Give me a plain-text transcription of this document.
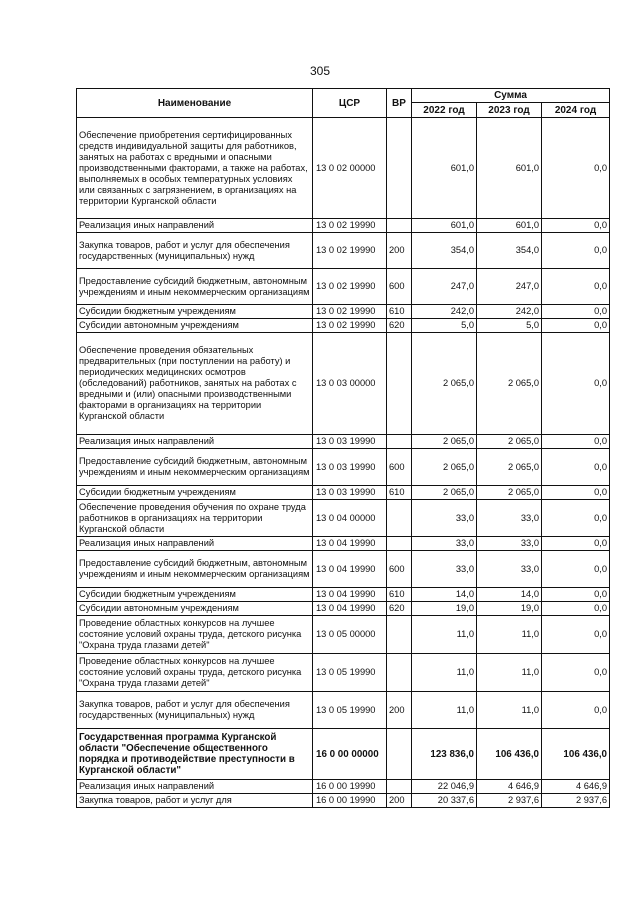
305
Наименование	ЦСР	ВР	Сумма		
			2022 год	2023 год	2024 год
Обеспечение приобретения сертифицированных средств индивидуальной защиты для работников, занятых на работах с вредными и опасными производственными факторами, а также на работах, выполняемых в особых температурных условиях или связанных с загрязнением, в организациях на территории Курганской области	13 0 02 00000		601,0	601,0	0,0
Реализация иных направлений	13 0 02 19990		601,0	601,0	0,0
Закупка товаров, работ и услуг для обеспечения государственных (муниципальных) нужд	13 0 02 19990	200	354,0	354,0	0,0
Предоставление субсидий бюджетным, автономным учреждениям и иным некоммерческим организациям	13 0 02 19990	600	247,0	247,0	0,0
Субсидии бюджетным учреждениям	13 0 02 19990	610	242,0	242,0	0,0
Субсидии автономным учреждениям	13 0 02 19990	620	5,0	5,0	0,0
Обеспечение проведения обязательных предварительных (при поступлении на работу) и периодических медицинских осмотров (обследований) работников, занятых на работах с вредными и (или) опасными производственными факторами в организациях на территории Курганской области	13 0 03 00000		2 065,0	2 065,0	0,0
Реализация иных направлений	13 0 03 19990		2 065,0	2 065,0	0,0
Предоставление субсидий бюджетным, автономным учреждениям и иным некоммерческим организациям	13 0 03 19990	600	2 065,0	2 065,0	0,0
Субсидии бюджетным учреждениям	13 0 03 19990	610	2 065,0	2 065,0	0,0
Обеспечение проведения обучения по охране труда работников в организациях на территории Курганской области	13 0 04 00000		33,0	33,0	0,0
Реализация иных направлений	13 0 04 19990		33,0	33,0	0,0
Предоставление субсидий бюджетным, автономным учреждениям и иным некоммерческим организациям	13 0 04 19990	600	33,0	33,0	0,0
Субсидии бюджетным учреждениям	13 0 04 19990	610	14,0	14,0	0,0
Субсидии автономным учреждениям	13 0 04 19990	620	19,0	19,0	0,0
Проведение областных конкурсов на лучшее состояние условий охраны труда, детского рисунка "Охрана труда глазами детей"	13 0 05 00000		11,0	11,0	0,0
Проведение областных конкурсов на лучшее состояние условий охраны труда, детского рисунка "Охрана труда глазами детей"	13 0 05 19990		11,0	11,0	0,0
Закупка товаров, работ и услуг для обеспечения государственных (муниципальных) нужд	13 0 05 19990	200	11,0	11,0	0,0
Государственная программа Курганской области "Обеспечение общественного порядка и противодействие преступности в Курганской области"	16 0 00 00000		123 836,0	106 436,0	106 436,0
Реализация иных направлений	16 0 00 19990		22 046,9	4 646,9	4 646,9
Закупка товаров, работ и услуг для	16 0 00 19990	200	20 337,6	2 937,6	2 937,6
